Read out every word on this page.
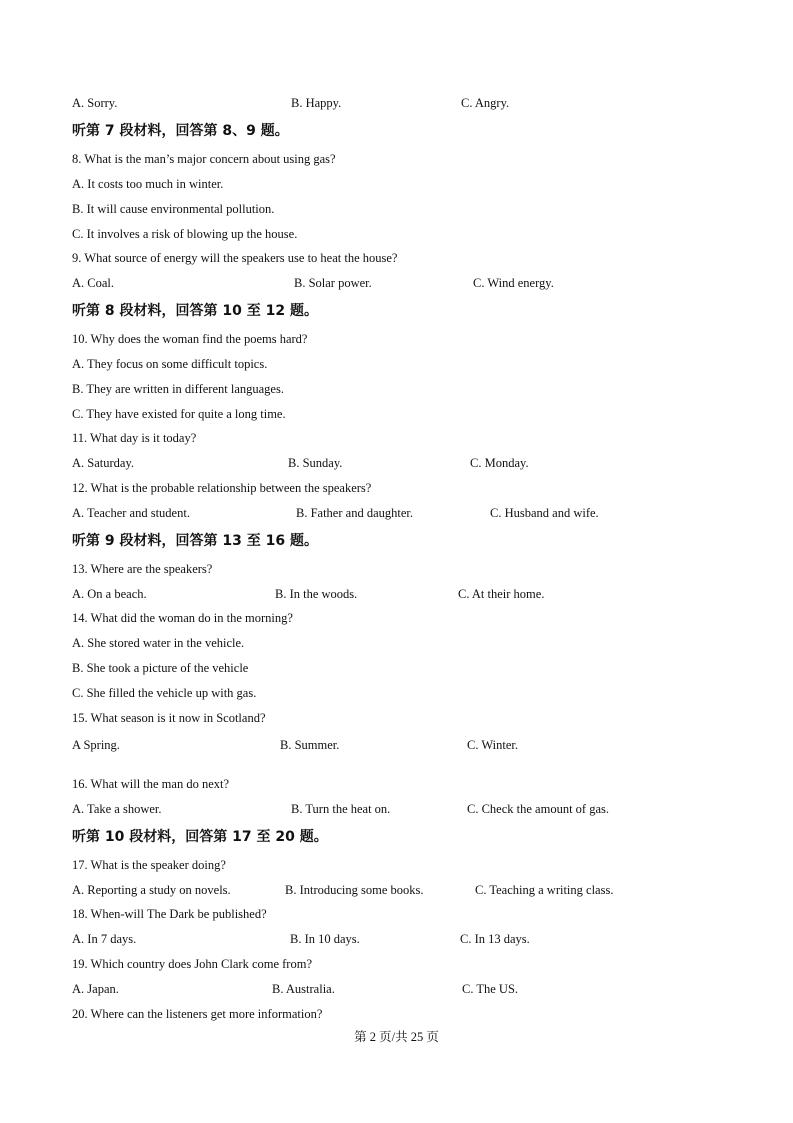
A. Sorry.	B. Happy.	C. Angry.
听第 7 段材料，回答第 8、9 题。
8. What is the man’s major concern about using gas?
A. It costs too much in winter.
B. It will cause environmental pollution.
C. It involves a risk of blowing up the house.
9. What source of energy will the speakers use to heat the house?
A. Coal.	B. Solar power.	C. Wind energy.
听第 8 段材料，回答第 10 至 12 题。
10. Why does the woman find the poems hard?
A. They focus on some difficult topics.
B. They are written in different languages.
C. They have existed for quite a long time.
11. What day is it today?
A. Saturday.	B. Sunday.	C. Monday.
12. What is the probable relationship between the speakers?
A. Teacher and student.	B. Father and daughter.	C. Husband and wife.
听第 9 段材料，回答第 13 至 16 题。
13. Where are the speakers?
A. On a beach.	B. In the woods.	C. At their home.
14. What did the woman do in the morning?
A. She stored water in the vehicle.
B. She took a picture of the vehicle
C. She filled the vehicle up with gas.
15. What season is it now in Scotland?
A Spring.	B. Summer.	C. Winter.
16. What will the man do next?
A. Take a shower.	B. Turn the heat on.	C. Check the amount of gas.
听第 10 段材料，回答第 17 至 20 题。
17. What is the speaker doing?
A. Reporting a study on novels.	B. Introducing some books.	C. Teaching a writing class.
18. When-will The Dark be published?
A. In 7 days.	B. In 10 days.	C. In 13 days.
19. Which country does John Clark come from?
A. Japan.	B. Australia.	C. The US.
20. Where can the listeners get more information?
第 2 页/共 25 页
